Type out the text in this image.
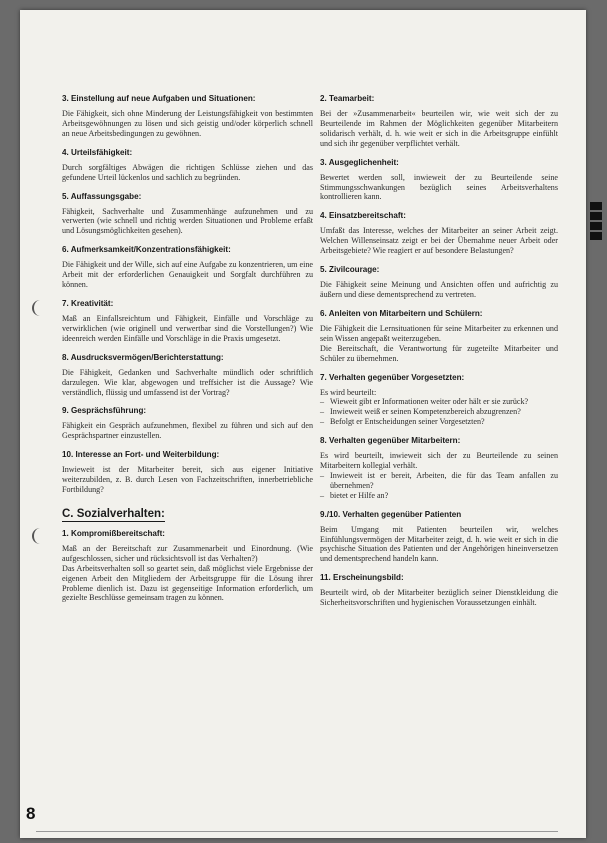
3. Einstellung auf neue Aufgaben und Situationen:
Die Fähigkeit, sich ohne Minderung der Leistungsfähigkeit von bestimmten Arbeitsgewöhnungen zu lösen und sich geistig und/oder körperlich schnell an neue Arbeitsbedingungen zu gewöhnen.
4. Urteilsfähigkeit:
Durch sorgfältiges Abwägen die richtigen Schlüsse ziehen und das gefundene Urteil lückenlos und sachlich zu begründen.
5. Auffassungsgabe:
Fähigkeit, Sachverhalte und Zusammenhänge aufzunehmen und zu verwerten (wie schnell und richtig werden Situationen und Probleme erfaßt und Lösungsmöglichkeiten gesehen).
6. Aufmerksamkeit/Konzentrationsfähigkeit:
Die Fähigkeit und der Wille, sich auf eine Aufgabe zu konzentrieren, um eine Arbeit mit der erforderlichen Genauigkeit und Sorgfalt durchführen zu können.
7. Kreativität:
Maß an Einfallsreichtum und Fähigkeit, Einfälle und Vorschläge zu verwirklichen (wie originell und verwertbar sind die Vorstellungen?) Wie ideenreich werden Einfälle und Vorschläge in die Praxis umgesetzt.
8. Ausdrucksvermögen/Berichterstattung:
Die Fähigkeit, Gedanken und Sachverhalte mündlich oder schriftlich darzulegen. Wie klar, abgewogen und treffsicher ist die Aussage? Wie verständlich, flüssig und umfassend ist der Vortrag?
9. Gesprächsführung:
Fähigkeit ein Gespräch aufzunehmen, flexibel zu führen und sich auf den Gesprächspartner einzustellen.
10. Interesse an Fort- und Weiterbildung:
Inwieweit ist der Mitarbeiter bereit, sich aus eigener Initiative weiterzubilden, z. B. durch Lesen von Fachzeitschriften, innerbetriebliche Fortbildung?
C. Sozialverhalten:
1. Kompromißbereitschaft:
Maß an der Bereitschaft zur Zusammenarbeit und Einordnung. (Wie aufgeschlossen, sicher und rücksichtsvoll ist das Verhalten?)
Das Arbeitsverhalten soll so geartet sein, daß möglichst viele Ergebnisse der eigenen Arbeit den Mitgliedern der Arbeitsgruppe für die Lösung ihrer Probleme dienlich ist. Dazu ist gegenseitige Information erforderlich, um gezielte Beschlüsse gemeinsam tragen zu können.
2. Teamarbeit:
Bei der »Zusammenarbeit« beurteilen wir, wie weit sich der zu Beurteilende im Rahmen der Möglichkeiten gegenüber Mitarbeitern solidarisch verhält, d. h. wie weit er sich in die Arbeitsgruppe einfühlt und sich ihr gegenüber verpflichtet verhält.
3. Ausgeglichenheit:
Bewertet werden soll, inwieweit der zu Beurteilende seine Stimmungsschwankungen bezüglich seines Arbeitsverhaltens kontrollieren kann.
4. Einsatzbereitschaft:
Umfaßt das Interesse, welches der Mitarbeiter an seiner Arbeit zeigt. Welchen Willenseinsatz zeigt er bei der Übernahme neuer Arbeit oder Arbeitsgebiete? Wie reagiert er auf besondere Belastungen?
5. Zivilcourage:
Die Fähigkeit seine Meinung und Ansichten offen und aufrichtig zu äußern und diese dementsprechend zu vertreten.
6. Anleiten von Mitarbeitern und Schülern:
Die Fähigkeit die Lernsituationen für seine Mitarbeiter zu erkennen und sein Wissen angepaßt weiterzugeben.
Die Bereitschaft, die Verantwortung für zugeteilte Mitarbeiter und Schüler zu übernehmen.
7. Verhalten gegenüber Vorgesetzten:
Es wird beurteilt:
– Wieweit gibt er Informationen weiter oder hält er sie zurück?
– Inwieweit weiß er seinen Kompetenzbereich abzugrenzen?
– Befolgt er Entscheidungen seiner Vorgesetzten?
8. Verhalten gegenüber Mitarbeitern:
Es wird beurteilt, inwieweit sich der zu Beurteilende zu seinen Mitarbeitern kollegial verhält.
– Inwieweit ist er bereit, Arbeiten, die für das Team anfallen zu übernehmen?
– bietet er Hilfe an?
9./10. Verhalten gegenüber Patienten
Beim Umgang mit Patienten beurteilen wir, welches Einfühlungsvermögen der Mitarbeiter zeigt, d. h. wie weit er sich in die psychische Situation des Patienten und der Angehörigen hineinversetzen und dementsprechend handeln kann.
11. Erscheinungsbild:
Beurteilt wird, ob der Mitarbeiter bezüglich seiner Dienstkleidung die Sicherheitsvorschriften und hygienischen Voraussetzungen einhält.
8
